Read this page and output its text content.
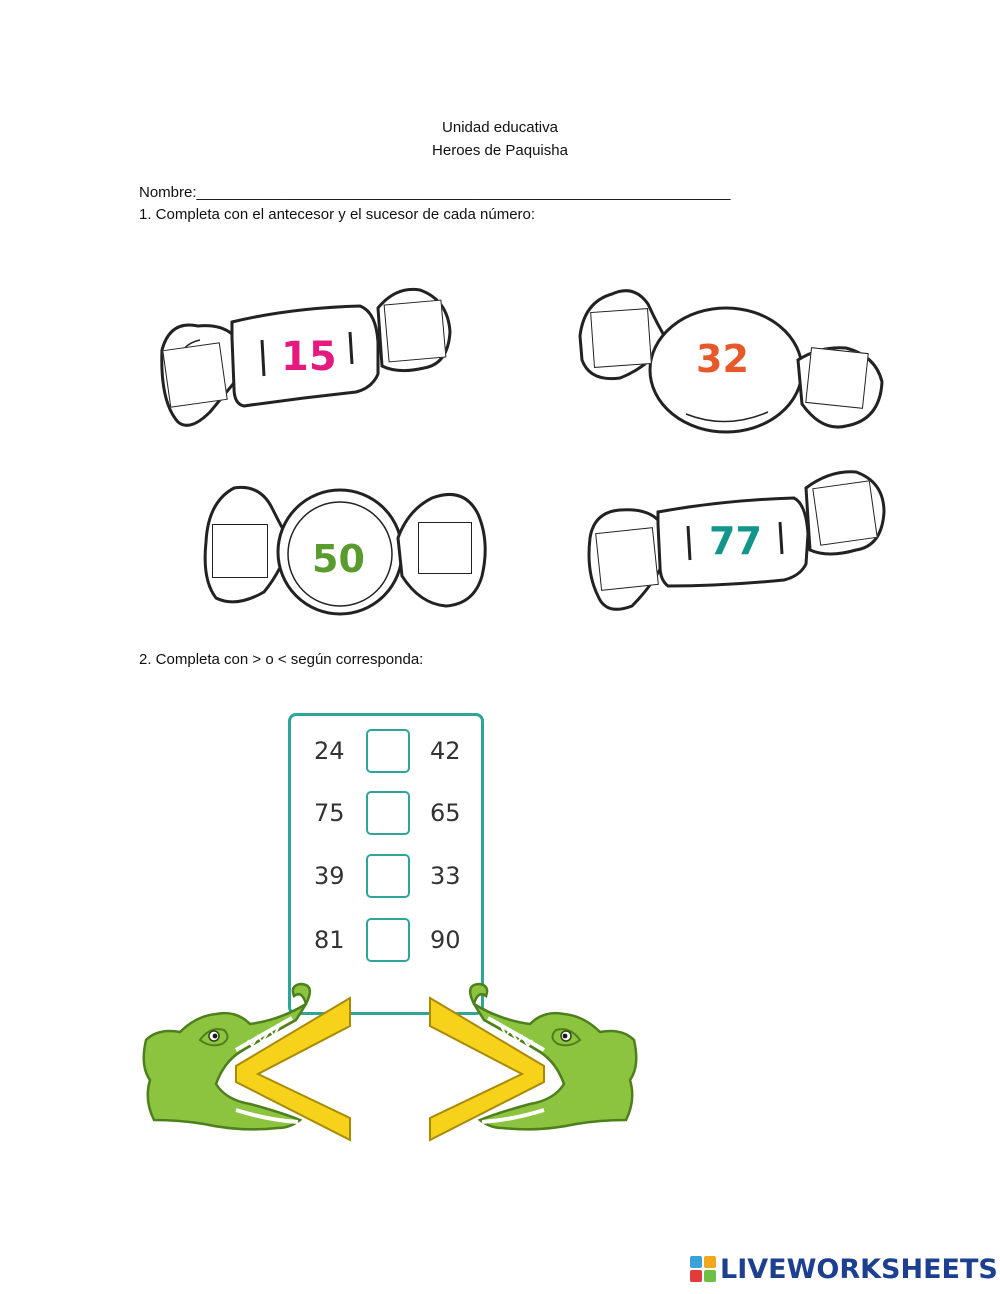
Unidad educativa
Heroes de Paquisha
Nombre:________________________________________________________________
1. Completa con el antecesor y el sucesor de cada número:
15	32
50	77
2. Completa con > o < según corresponda:
24	42
75	65
39	33
81	90
LIVEWORKSHEETS
